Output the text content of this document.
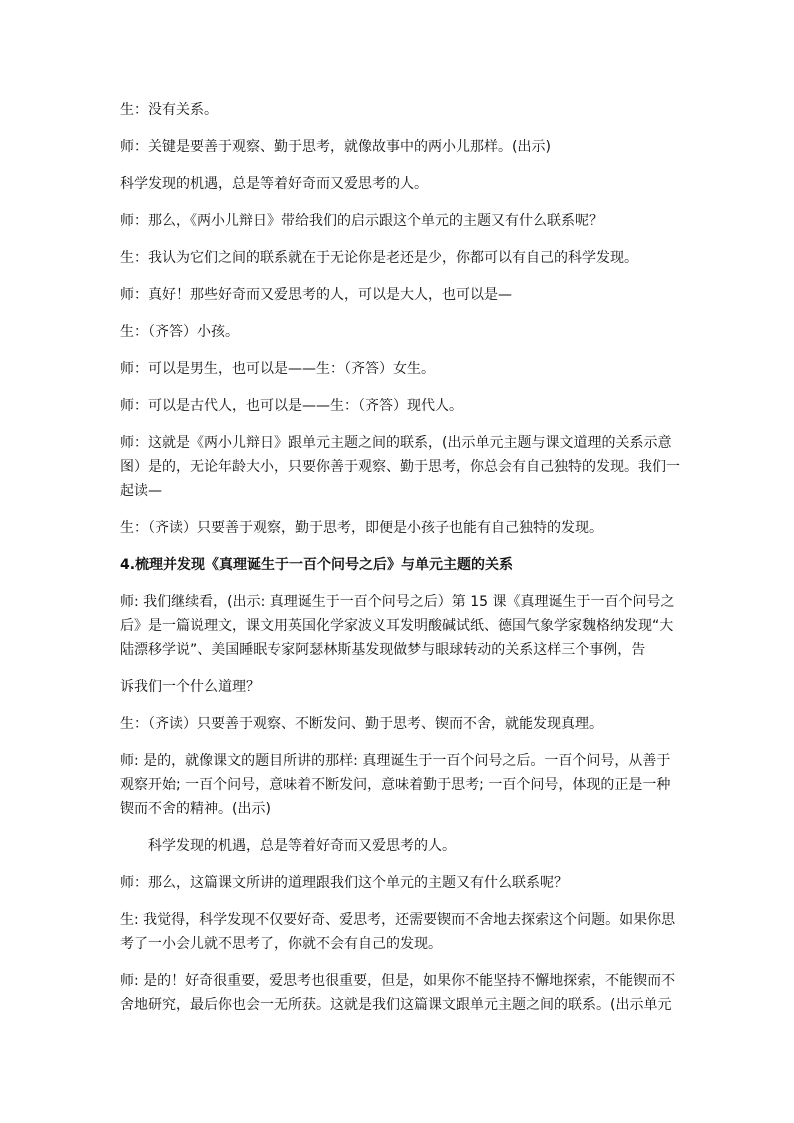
生：没有关系。

师：关键是要善于观察、勤于思考，就像故事中的两小儿那样。(出示)

科学发现的机遇，总是等着好奇而又爱思考的人。

师：那么，《两小儿辩日》带给我们的启示跟这个单元的主题又有什么联系呢？

生：我认为它们之间的联系就在于无论你是老还是少，你都可以有自己的科学发现。

师：真好！那些好奇而又爱思考的人，可以是大人，也可以是—

生：（齐答）小孩。

师：可以是男生，也可以是——生：（齐答）女生。

师：可以是古代人，也可以是——生：（齐答）现代人。

师：这就是《两小儿辩日》跟单元主题之间的联系，(出示单元主题与课文道理的关系示意图）是的，无论年龄大小，只要你善于观察、勤于思考，你总会有自己独特的发现。我们一起读—

生：（齐读）只要善于观察，勤于思考，即便是小孩子也能有自己独特的发现。

4.梳理并发现《真理诞生于一百个问号之后》与单元主题的关系

师: 我们继续看，(出示: 真理诞生于一百个问号之后）第 15 课《真理诞生于一百个问号之后》是一篇说理文，课文用英国化学家波义耳发明酸碱试纸、德国气象学家魏格纳发现“大陆漂移学说”、美国睡眠专家阿瑟林斯基发现做梦与眼球转动的关系这样三个事例，告

诉我们一个什么道理？

生：（齐读）只要善于观察、不断发问、勤于思考、锲而不舍，就能发现真理。

师: 是的，就像课文的题目所讲的那样: 真理诞生于一百个问号之后。一百个问号，从善于观察开始; 一百个问号，意味着不断发问，意味着勤于思考; 一百个问号，体现的正是一种锲而不舍的精神。(出示)

科学发现的机遇，总是等着好奇而又爱思考的人。

师：那么，这篇课文所讲的道理跟我们这个单元的主题又有什么联系呢？

生: 我觉得，科学发现不仅要好奇、爱思考，还需要锲而不舍地去探索这个问题。如果你思考了一小会儿就不思考了，你就不会有自己的发现。

师: 是的！好奇很重要，爱思考也很重要，但是，如果你不能坚持不懈地探索，不能锲而不舍地研究，最后你也会一无所获。这就是我们这篇课文跟单元主题之间的联系。(出示单元
